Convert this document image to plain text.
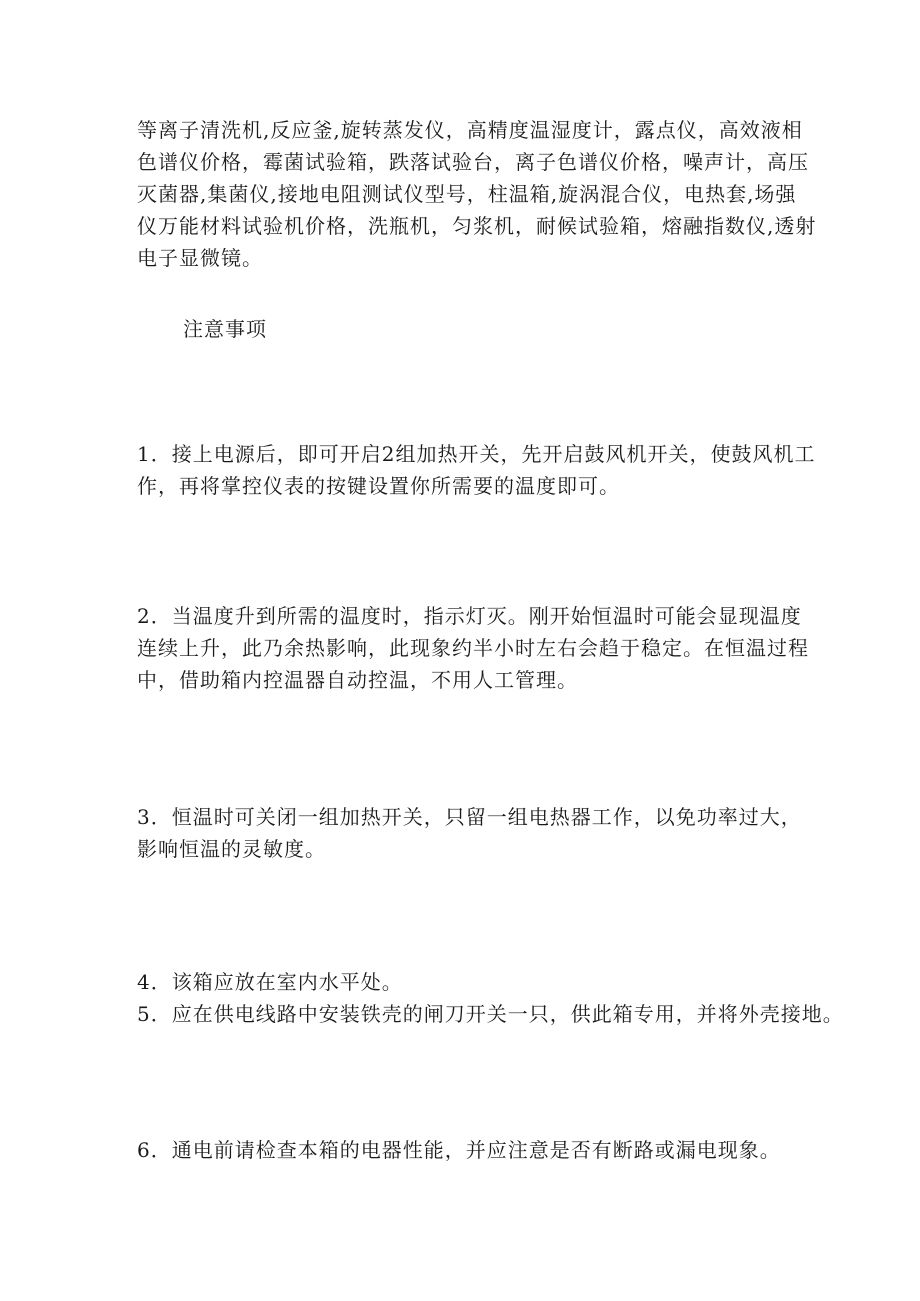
等离子清洗机,反应釜,旋转蒸发仪，高精度温湿度计，露点仪，高效液相
色谱仪价格，霉菌试验箱，跌落试验台，离子色谱仪价格，噪声计，高压
灭菌器,集菌仪,接地电阻测试仪型号，柱温箱,旋涡混合仪，电热套,场强
仪万能材料试验机价格，洗瓶机，匀浆机，耐候试验箱，熔融指数仪,透射
电子显微镜。
注意事项
1．接上电源后，即可开启2组加热开关，先开启鼓风机开关，使鼓风机工
作，再将掌控仪表的按键设置你所需要的温度即可。
2．当温度升到所需的温度时，指示灯灭。刚开始恒温时可能会显现温度
连续上升，此乃余热影响，此现象约半小时左右会趋于稳定。在恒温过程
中，借助箱内控温器自动控温，不用人工管理。
3．恒温时可关闭一组加热开关，只留一组电热器工作，以免功率过大，
影响恒温的灵敏度。
4．该箱应放在室内水平处。
5．应在供电线路中安装铁壳的闸刀开关一只，供此箱专用，并将外壳接地。
6．通电前请检查本箱的电器性能，并应注意是否有断路或漏电现象。
